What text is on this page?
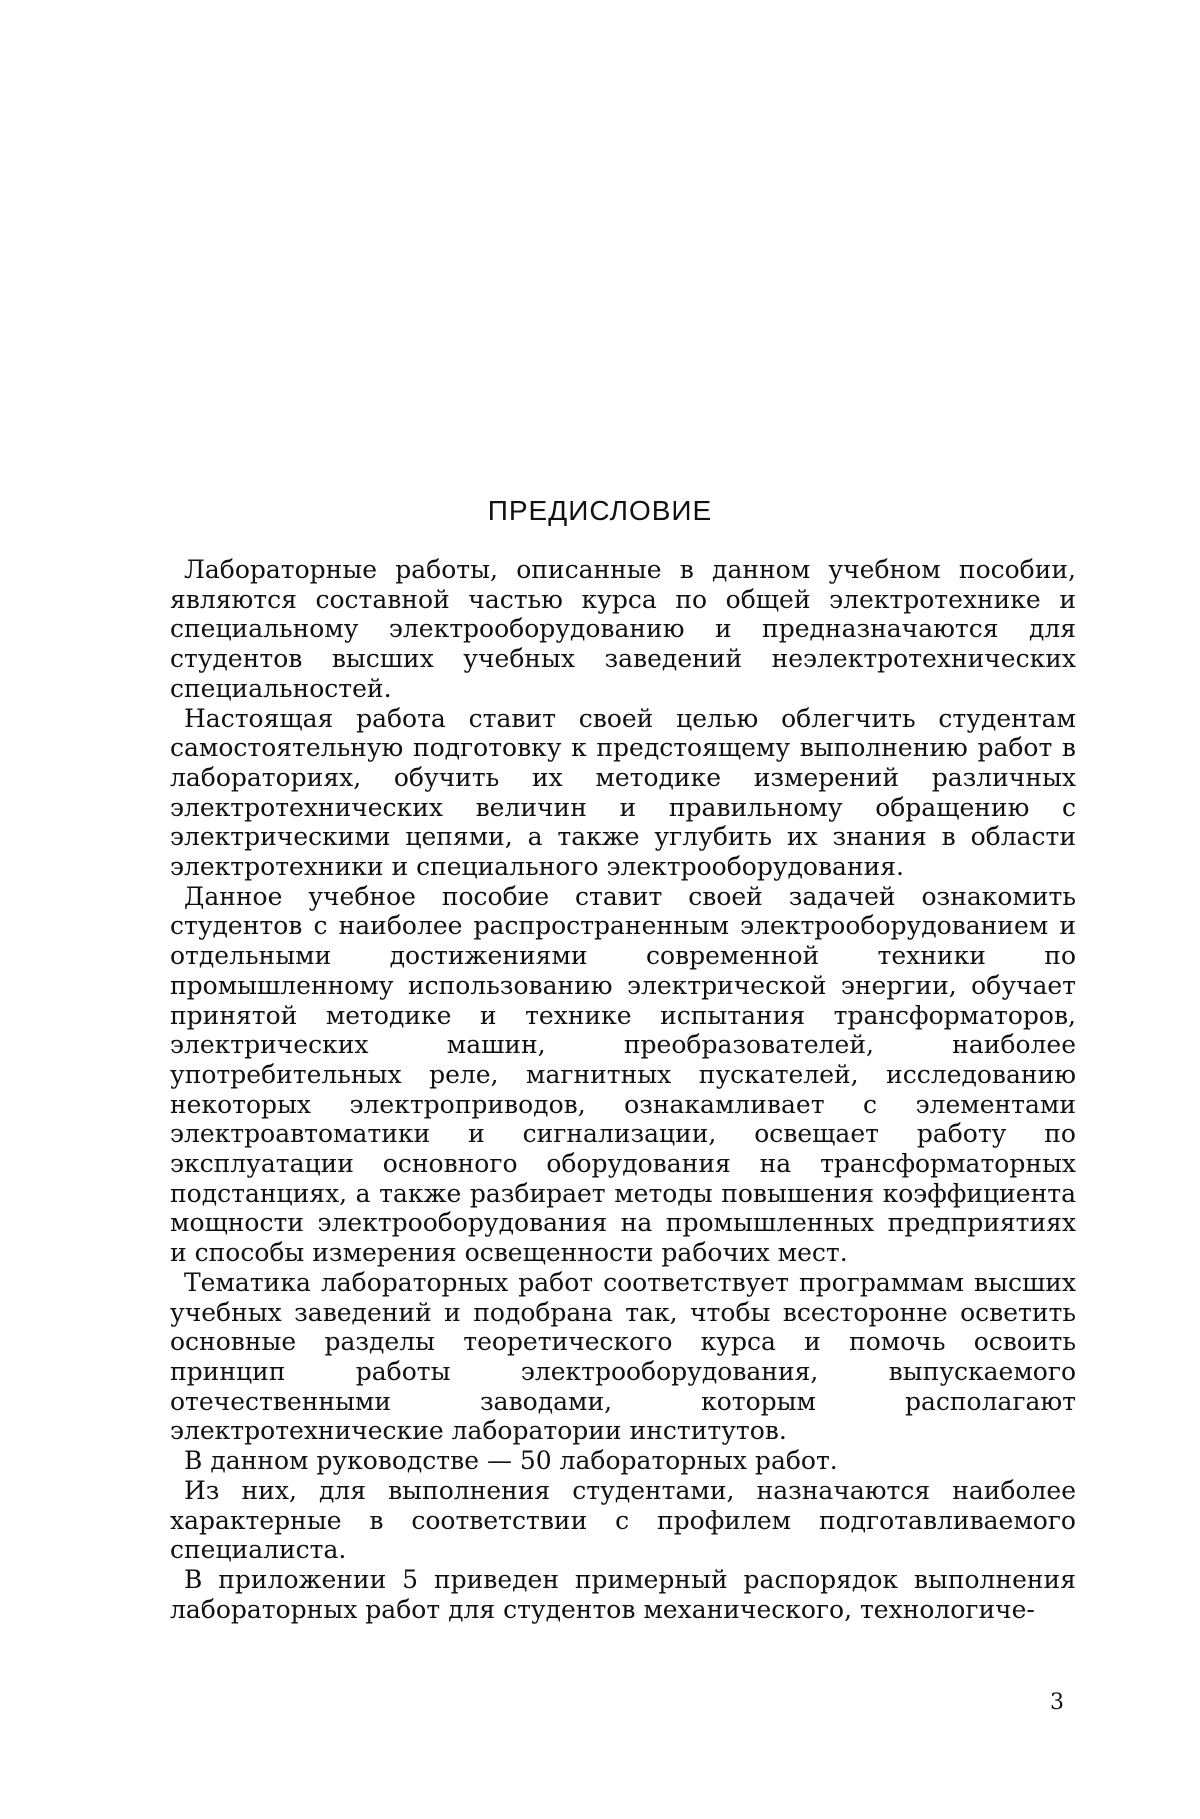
ПРЕДИСЛОВИЕ

Лабораторные работы, описанные в данном учебном пособии, являются составной частью курса по общей электротехнике и специальному электрооборудованию и предназначаются для студентов высших учебных заведений неэлектротехнических специальностей.

Настоящая работа ставит своей целью облегчить студентам самостоятельную подготовку к предстоящему выполнению работ в лабораториях, обучить их методике измерений различных электротехнических величин и правильному обращению с электрическими цепями, а также углубить их знания в области электротехники и специального электрооборудования.

Данное учебное пособие ставит своей задачей ознакомить студентов с наиболее распространенным электрооборудованием и отдельными достижениями современной техники по промышленному использованию электрической энергии, обучает принятой методике и технике испытания трансформаторов, электрических машин, преобразователей, наиболее употребительных реле, магнитных пускателей, исследованию некоторых электроприводов, ознакамливает с элементами электроавтоматики и сигнализации, освещает работу по эксплуатации основного оборудования на трансформаторных подстанциях, а также разбирает методы повышения коэффициента мощности электрооборудования на промышленных предприятиях и способы измерения освещенности рабочих мест.

Тематика лабораторных работ соответствует программам высших учебных заведений и подобрана так, чтобы всесторонне осветить основные разделы теоретического курса и помочь освоить принцип работы электрооборудования, выпускаемого отечественными заводами, которым располагают электротехнические лаборатории институтов.

В данном руководстве — 50 лабораторных работ.

Из них, для выполнения студентами, назначаются наиболее характерные в соответствии с профилем подготавливаемого специалиста.

В приложении 5 приведен примерный распорядок выполнения лабораторных работ для студентов механического, технологиче-

3
